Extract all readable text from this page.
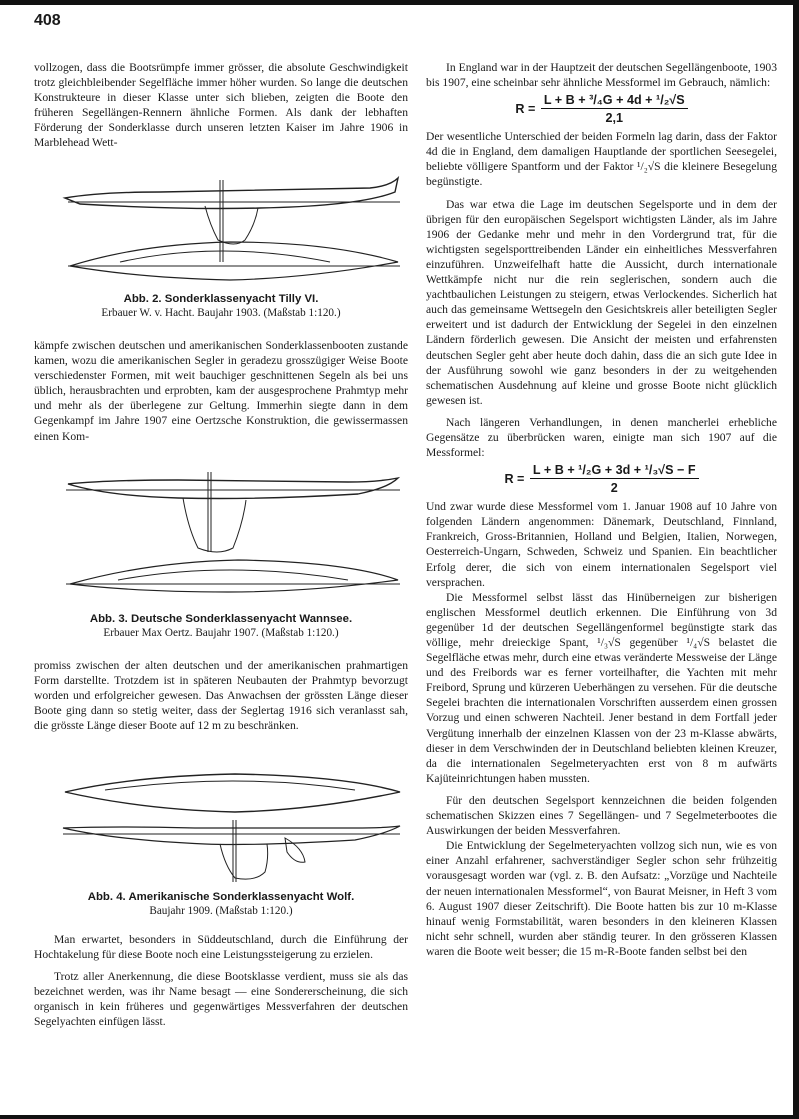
408

vollzogen, dass die Bootsrümpfe immer grösser, die absolute Geschwindigkeit trotz gleichbleibender Segelfläche immer höher wurden. So lange die deutschen Konstrukteure in dieser Klasse unter sich blieben, zeigten die Boote den früheren Segellängen-Rennern ähnliche Formen. Als dank der lebhaften Förderung der Sonderklasse durch unseren letzten Kaiser im Jahre 1906 in Marblehead Wett-

Abb. 2. Sonderklassenyacht Tilly VI.
Erbauer W. v. Hacht. Baujahr 1903. (Maßstab 1:120.)

kämpfe zwischen deutschen und amerikanischen Sonderklassenbooten zustande kamen, wozu die amerikanischen Segler in geradezu grosszügiger Weise Boote verschiedenster Formen, mit weit bauchiger geschnittenen Segeln als bei uns üblich, herausbrachten und erprobten, kam der ausgesprochene Prahmtyp mehr und mehr als der überlegene zur Geltung. Immerhin siegte dann in dem Gegenkampf im Jahre 1907 eine Oertzsche Konstruktion, die gewissermassen einen Kom-

Abb. 3. Deutsche Sonderklassenyacht Wannsee.
Erbauer Max Oertz. Baujahr 1907. (Maßstab 1:120.)

promiss zwischen der alten deutschen und der amerikanischen prahmartigen Form darstellte. Trotzdem ist in späteren Neubauten der Prahmtyp bevorzugt worden und erfolgreicher gewesen. Das Anwachsen der grössten Länge dieser Boote ging dann so stetig weiter, dass der Seglertag 1916 sich veranlasst sah, die grösste Länge dieser Boote auf 12 m zu beschränken.

Abb. 4. Amerikanische Sonderklassenyacht Wolf.
Baujahr 1909. (Maßstab 1:120.)

Man erwartet, besonders in Süddeutschland, durch die Einführung der Hochtakelung für diese Boote noch eine Leistungssteigerung zu erzielen.

Trotz aller Anerkennung, die diese Bootsklasse verdient, muss sie als das bezeichnet werden, was ihr Name besagt — eine Sondererscheinung, die sich organisch in kein früheres und gegenwärtiges Messverfahren der deutschen Segelyachten einfügen lässt.

In England war in der Hauptzeit der deutschen Segellängenboote, 1903 bis 1907, eine scheinbar sehr ähnliche Messformel im Gebrauch, nämlich:

$R = \frac{\text{L + B + ³/₄G + 4d + ¹/₂√S}}{2,1}$

Der wesentliche Unterschied der beiden Formeln lag darin, dass der Faktor 4d die in England, dem damaligen Hauptlande der sportlichen Seesegelei, beliebte völligere Spantform und der Faktor ¹/₂√S die kleinere Besegelung begünstigte.

Das war etwa die Lage im deutschen Segelsporte und in dem der übrigen für den europäischen Segelsport wichtigsten Länder, als im Jahre 1906 der Gedanke mehr und mehr in den Vordergrund trat, für die wichtigsten segelsporttreibenden Länder ein einheitliches Messverfahren einzuführen. Unzweifelhaft hatte die Aussicht, durch internationale Wettkämpfe nicht nur die rein seglerischen, sondern auch die yachtbaulichen Leistungen zu steigern, etwas Verlockendes. Sicherlich hat auch das gemeinsame Wettsegeln den Gesichtskreis aller beteiligten Segler erweitert und ist dadurch der Entwicklung der Segelei in den einzelnen Ländern förderlich gewesen. Die Ansicht der meisten und erfahrensten deutschen Segler geht aber heute doch dahin, dass die an sich gute Idee in der Ausführung sowohl wie ganz besonders in der zu weitgehenden schematischen Ausdehnung auf kleine und grosse Boote nicht glücklich gewesen ist.

Nach längeren Verhandlungen, in denen mancherlei erhebliche Gegensätze zu überbrücken waren, einigte man sich 1907 auf die Messformel:

$R = \frac{\text{L + B + ¹/₂G + 3d + ¹/₃√S − F}}{2}$

Und zwar wurde diese Messformel vom 1. Januar 1908 auf 10 Jahre von folgenden Ländern angenommen: Dänemark, Deutschland, Finnland, Frankreich, Gross-Britannien, Holland und Belgien, Italien, Norwegen, Oesterreich-Ungarn, Schweden, Schweiz und Spanien. Ein beachtlicher Erfolg derer, die sich von einem internationalen Segelsport viel versprachen.

Die Messformel selbst lässt das Hinüberneigen zur bisherigen englischen Messformel deutlich erkennen. Die Einführung von 3d gegenüber 1d der deutschen Segellängenformel begünstigte stark das völlige, mehr dreieckige Spant, ¹/₃√S gegenüber ¹/₄√S belastet die Segelfläche etwas mehr, durch eine etwas veränderte Messweise der Länge und des Freibords war es ferner vorteilhafter, die Yachten mit mehr Freibord, Sprung und kürzeren Ueberhängen zu versehen. Für die deutsche Segelei brachten die internationalen Vorschriften ausserdem einen grossen Vorzug und einen schweren Nachteil. Jener bestand in dem Fortfall jeder Vergütung innerhalb der einzelnen Klassen von der 23 m-Klasse abwärts, dieser in dem Verschwinden der in Deutschland beliebten kleinen Kreuzer, da die internationalen Segelmeteryachten erst von 8 m aufwärts Kajüteinrichtungen haben mussten.

Für den deutschen Segelsport kennzeichnen die beiden folgenden schematischen Skizzen eines 7 Segellängen- und 7 Segelmeterbootes die Auswirkungen der beiden Messverfahren.

Die Entwicklung der Segelmeteryachten vollzog sich nun, wie es von einer Anzahl erfahrener, sachverständiger Segler schon sehr frühzeitig vorausgesagt worden war (vgl. z. B. den Aufsatz: „Vorzüge und Nachteile der neuen internationalen Messformel“, von Baurat Meisner, in Heft 3 vom 6. August 1907 dieser Zeitschrift). Die Boote hatten bis zur 10 m-Klasse hinauf wenig Formstabilität, waren besonders in den kleineren Klassen nicht sehr schnell, wurden aber ständig teurer. In den grösseren Klassen waren die Boote weit besser; die 15 m-R-Boote fanden selbst bei den
